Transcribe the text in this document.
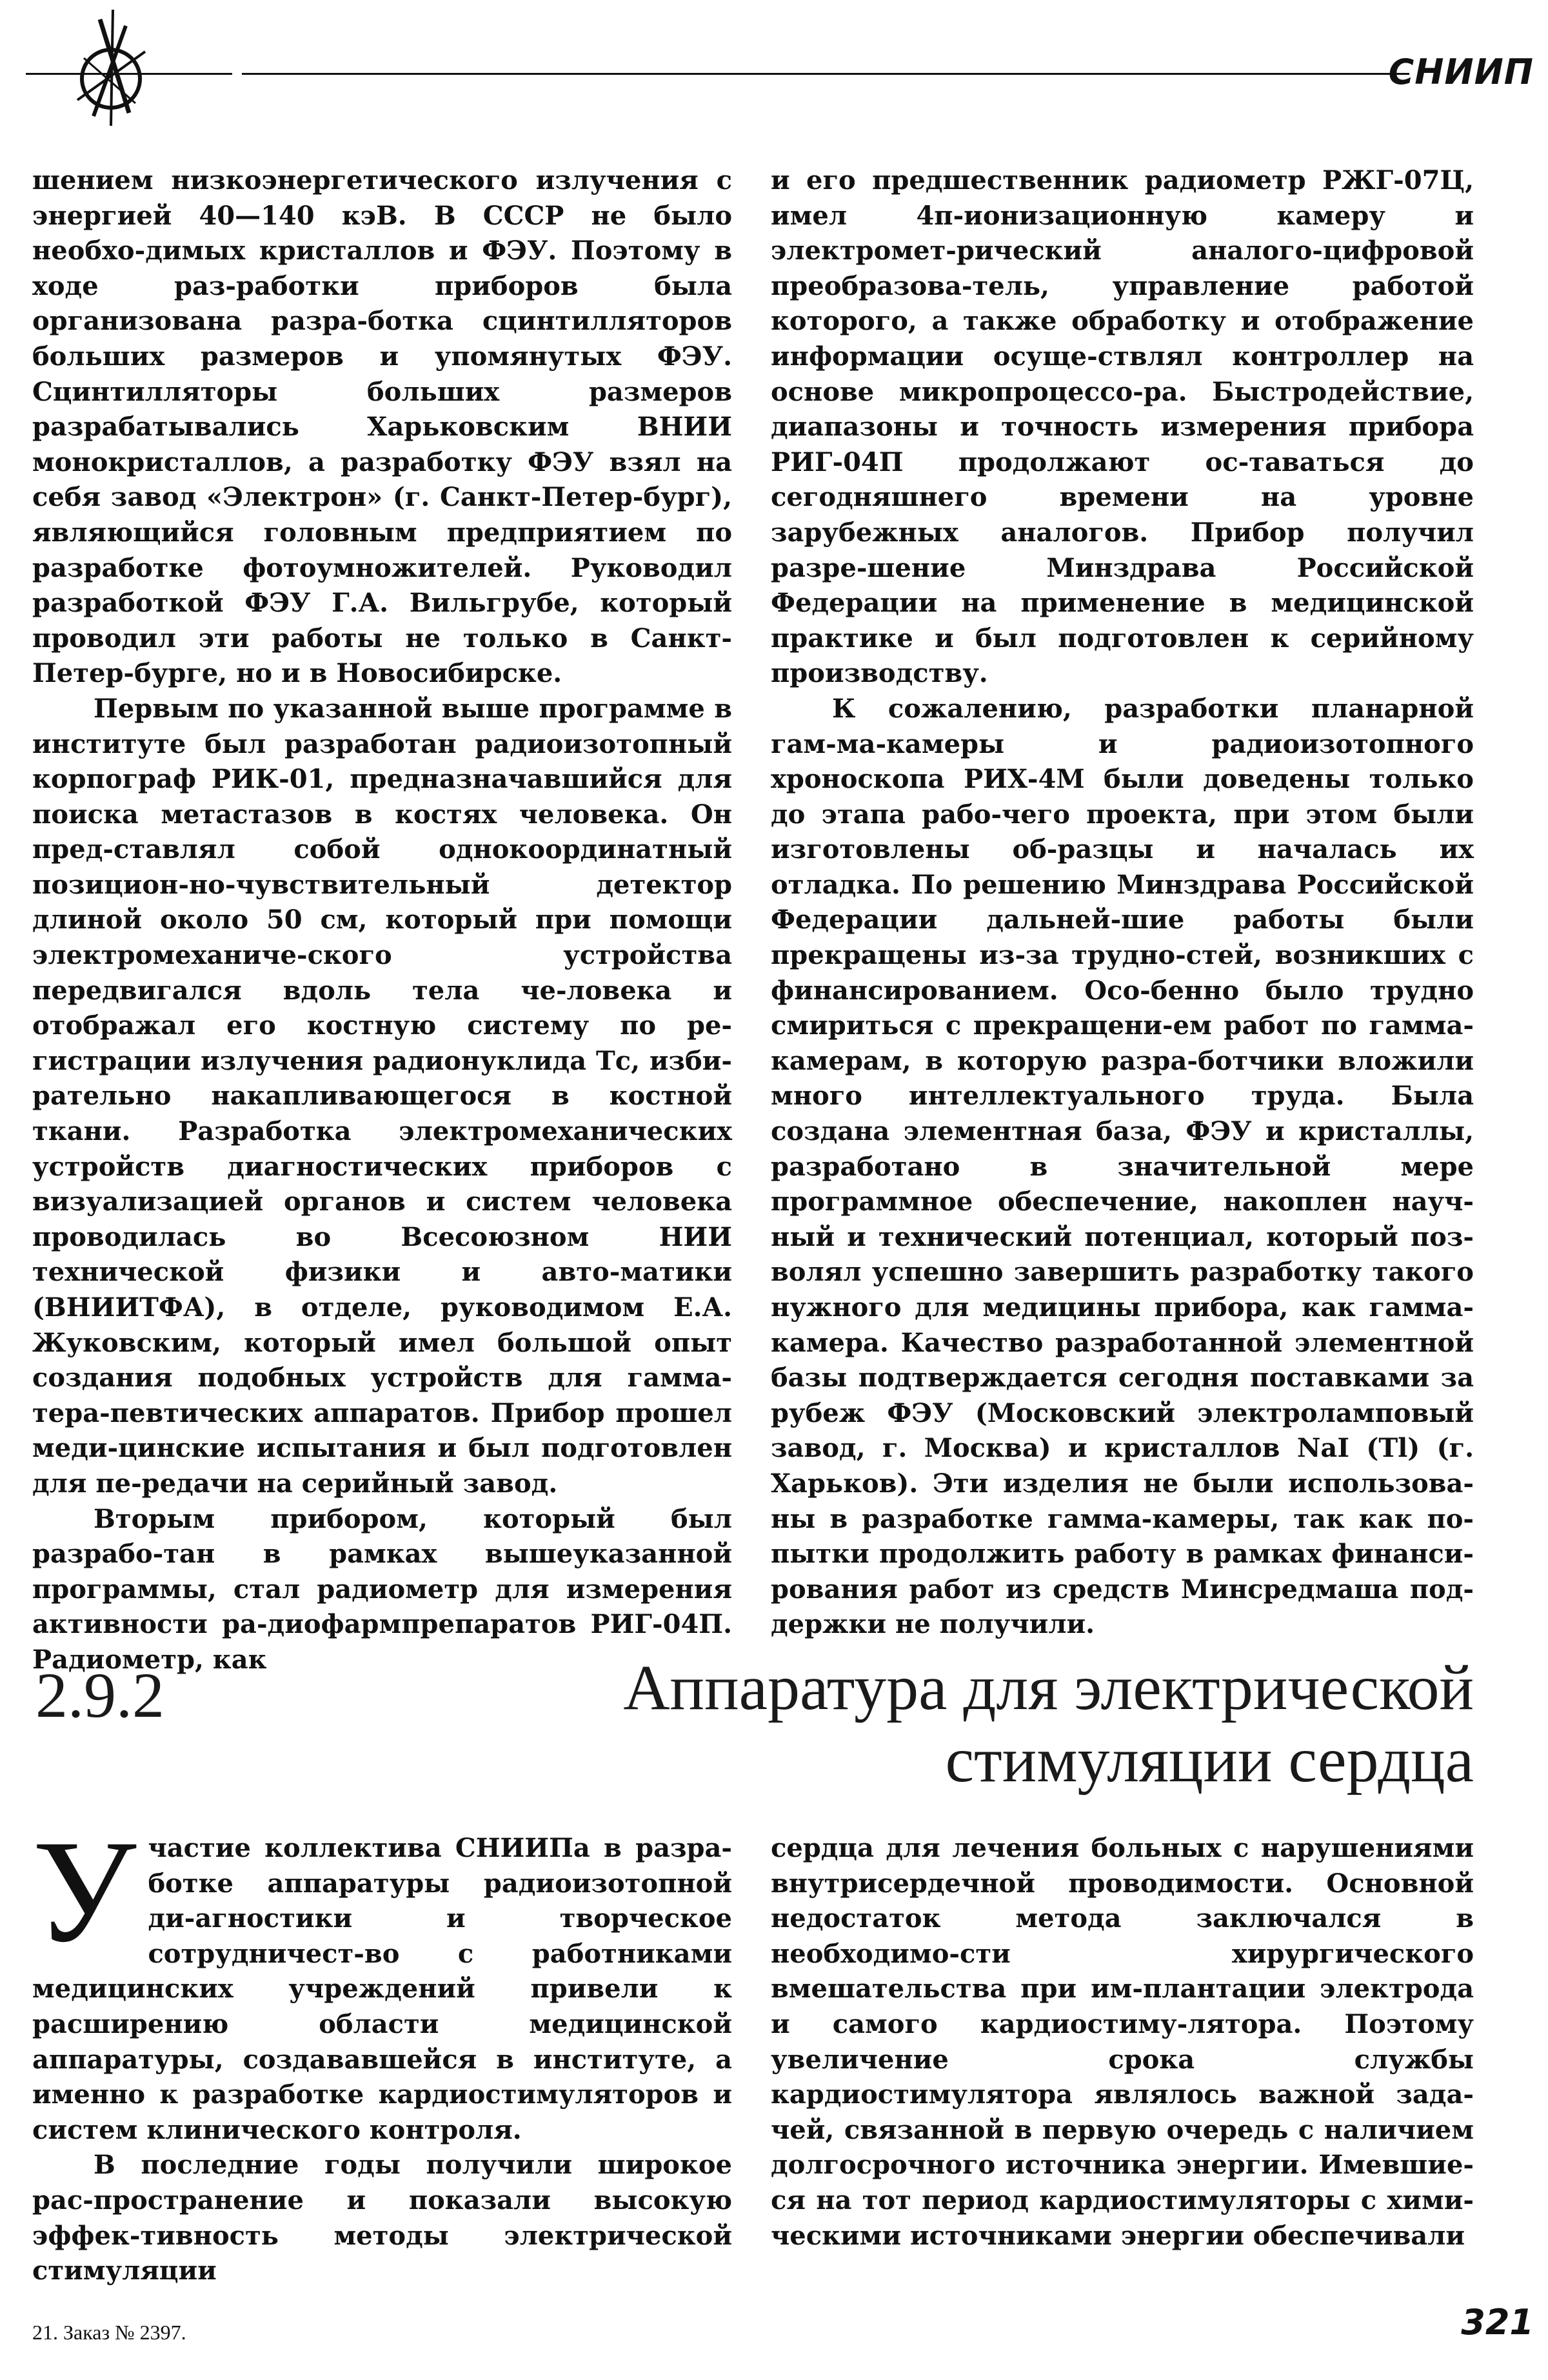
СНИИП

шением низкоэнергетического излучения с энергией 40—140 кэВ. В СССР не было необхо-димых кристаллов и ФЭУ. Поэтому в ходе раз-работки приборов была организована разра-ботка сцинтилляторов больших размеров и упомянутых ФЭУ. Сцинтилляторы больших размеров разрабатывались Харьковским ВНИИ монокристаллов, а разработку ФЭУ взял на себя завод «Электрон» (г. Санкт-Петер-бург), являющийся головным предприятием по разработке фотоумножителей. Руководил разработкой ФЭУ Г.А. Вильгрубе, который проводил эти работы не только в Санкт-Петер-бурге, но и в Новосибирске.

Первым по указанной выше программе в институте был разработан радиоизотопный корпограф РИК-01, предназначавшийся для поиска метастазов в костях человека. Он пред-ставлял собой однокоординатный позицион-но-чувствительный детектор длиной около 50 см, который при помощи электромеханиче-ского устройства передвигался вдоль тела че-ловека и отображал его костную систему по ре-гистрации излучения радионуклида Тс, изби-рательно накапливающегося в костной ткани. Разработка электромеханических устройств диагностических приборов с визуализацией органов и систем человека проводилась во Всесоюзном НИИ технической физики и авто-матики (ВНИИТФА), в отделе, руководимом Е.А. Жуковским, который имел большой опыт создания подобных устройств для гамма-тера-певтических аппаратов. Прибор прошел меди-цинские испытания и был подготовлен для пе-редачи на серийный завод.

Вторым прибором, который был разрабо-тан в рамках вышеуказанной программы, стал радиометр для измерения активности ра-диофармпрепаратов РИГ-04П. Радиометр, как

и его предшественник радиометр РЖГ-07Ц, имел 4π-ионизационную камеру и электромет-рический аналого-цифровой преобразова-тель, управление работой которого, а также обработку и отображение информации осуще-ствлял контроллер на основе микропроцессо-ра. Быстродействие, диапазоны и точность измерения прибора РИГ-04П продолжают ос-таваться до сегодняшнего времени на уровне зарубежных аналогов. Прибор получил разре-шение Минздрава Российской Федерации на применение в медицинской практике и был подготовлен к серийному производству.

К сожалению, разработки планарной гам-ма-камеры и радиоизотопного хроноскопа РИХ-4М были доведены только до этапа рабо-чего проекта, при этом были изготовлены об-разцы и началась их отладка. По решению Минздрава Российской Федерации дальней-шие работы были прекращены из-за трудно-стей, возникших с финансированием. Осо-бенно было трудно смириться с прекращени-ем работ по гамма-камерам, в которую разра-ботчики вложили много интеллектуального труда. Была создана элементная база, ФЭУ и кристаллы, разработано в значительной мере программное обеспечение, накоплен науч-ный и технический потенциал, который поз-волял успешно завершить разработку такого нужного для медицины прибора, как гамма-камера. Качество разработанной элементной базы подтверждается сегодня поставками за рубеж ФЭУ (Московский электроламповый завод, г. Москва) и кристаллов NaI (Tl) (г. Харьков). Эти изделия не были использова-ны в разработке гамма-камеры, так как по-пытки продолжить работу в рамках финанси-рования работ из средств Минсредмаша под-держки не получили.

2.9.2	Аппаратура для электрической
стимуляции сердца

Участие коллектива СНИИПа в разра-ботке аппаратуры радиоизотопной ди-агностики и творческое сотрудничест-во с работниками медицинских учреждений привели к расширению области медицинской аппаратуры, создававшейся в институте, а именно к разработке кардиостимуляторов и систем клинического контроля.

В последние годы получили широкое рас-пространение и показали высокую эффек-тивность методы электрической стимуляции

сердца для лечения больных с нарушениями внутрисердечной проводимости. Основной недостаток метода заключался в необходимо-сти хирургического вмешательства при им-плантации электрода и самого кардиостиму-лятора. Поэтому увеличение срока службы кардиостимулятора являлось важной зада-чей, связанной в первую очередь с наличием долгосрочного источника энергии. Имевшие-ся на тот период кардиостимуляторы с хими-ческими источниками энергии обеспечивали

21. Заказ № 2397.	321
